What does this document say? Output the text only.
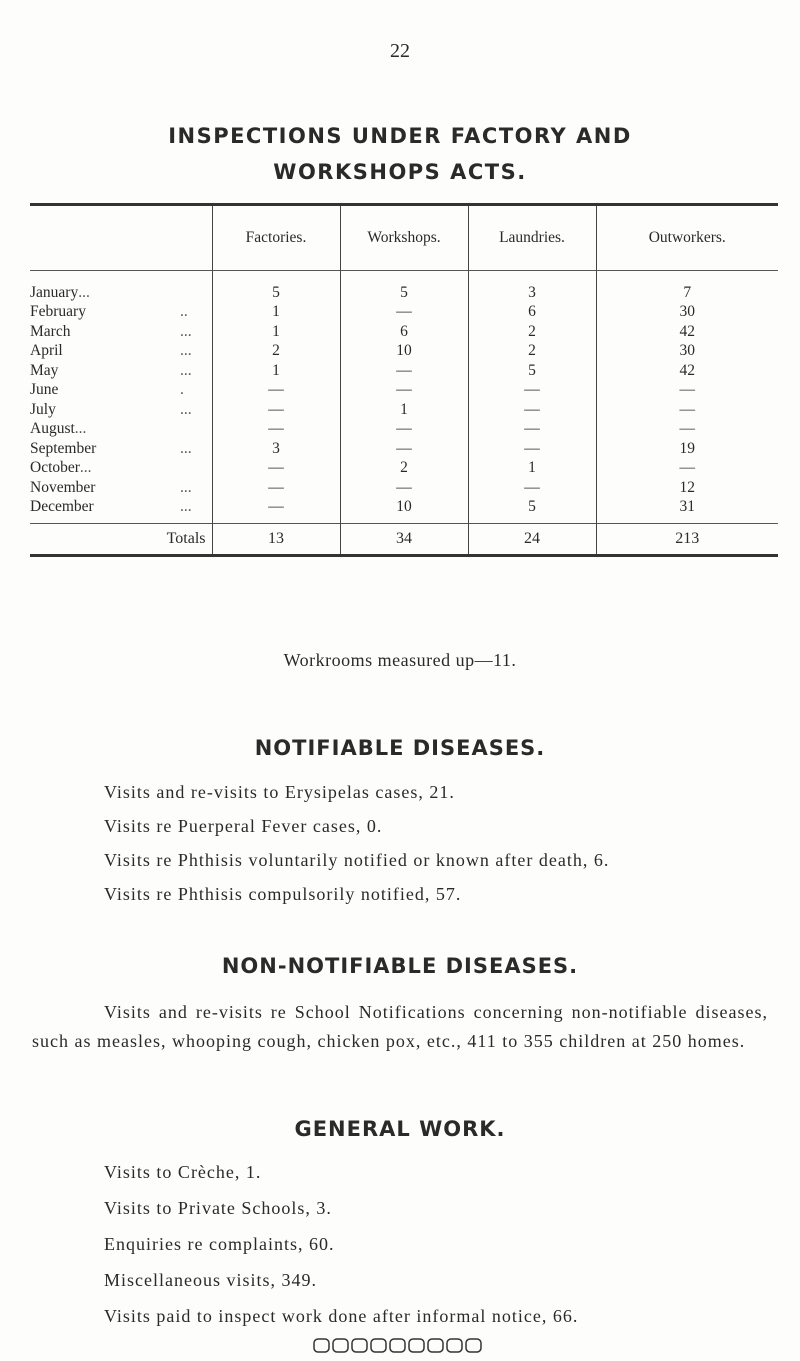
22
INSPECTIONS UNDER FACTORY AND
WORKSHOPS ACTS.
	Factories.	Workshops.	Laundries.	Outworkers.
January...	5	5	3	7
February ..	1	—	6	30
March ...	1	6	2	42
April ...	2	10	2	30
May ...	1	—	5	42
June .	—	—	—	—
July ...	—	1	—	—
August...	—	—	—	—
September ...	3	—	—	19
October...	—	2	1	—
November ...	—	—	—	12
December ...	—	10	5	31
Totals	13	34	24	213
Workrooms measured up—11.
NOTIFIABLE DISEASES.
Visits and re-visits to Erysipelas cases, 21.
Visits re Puerperal Fever cases, 0.
Visits re Phthisis voluntarily notified or known after death, 6.
Visits re Phthisis compulsorily notified, 57.
NON-NOTIFIABLE DISEASES.
Visits and re-visits re School Notifications concerning non-notifiable diseases, such as measles, whooping cough, chicken pox, etc., 411 to 355 children at 250 homes.
GENERAL WORK.
Visits to Crèche, 1.
Visits to Private Schools, 3.
Enquiries re complaints, 60.
Miscellaneous visits, 349.
Visits paid to inspect work done after informal notice, 66.
